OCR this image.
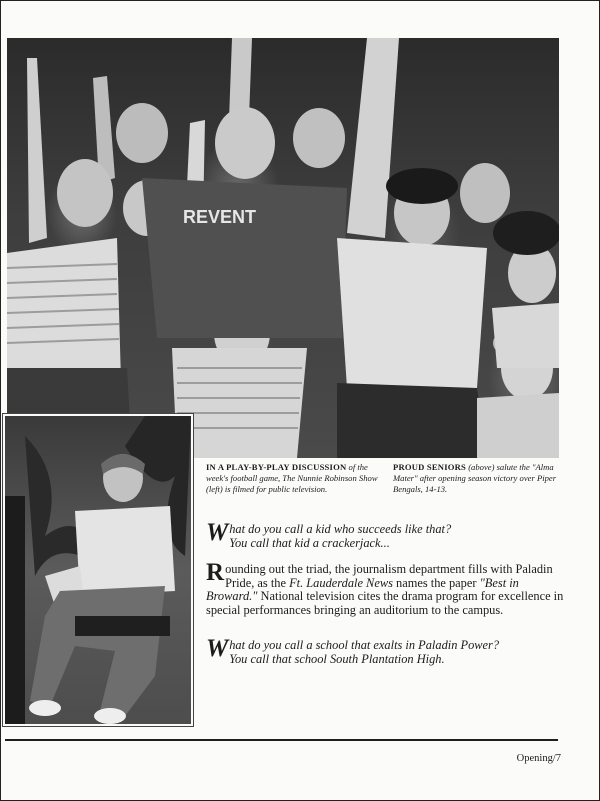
REVENT
IN A PLAY-BY-PLAY DISCUSSION of the week's football game, The Nunnie Robinson Show (left) is filmed for public television.
PROUD SENIORS (above) salute the "Alma Mater" after opening season victory over Piper Bengals, 14-13.
What do you call a kid who succeeds like that?
You call that kid a crackerjack...
Rounding out the triad, the journalism department fills with Paladin Pride, as the Ft. Lauderdale News names the paper "Best in Broward." National television cites the drama program for excellence in special performances bringing an auditorium to the campus.
What do you call a school that exalts in Paladin Power?
You call that school South Plantation High.
Opening/7
